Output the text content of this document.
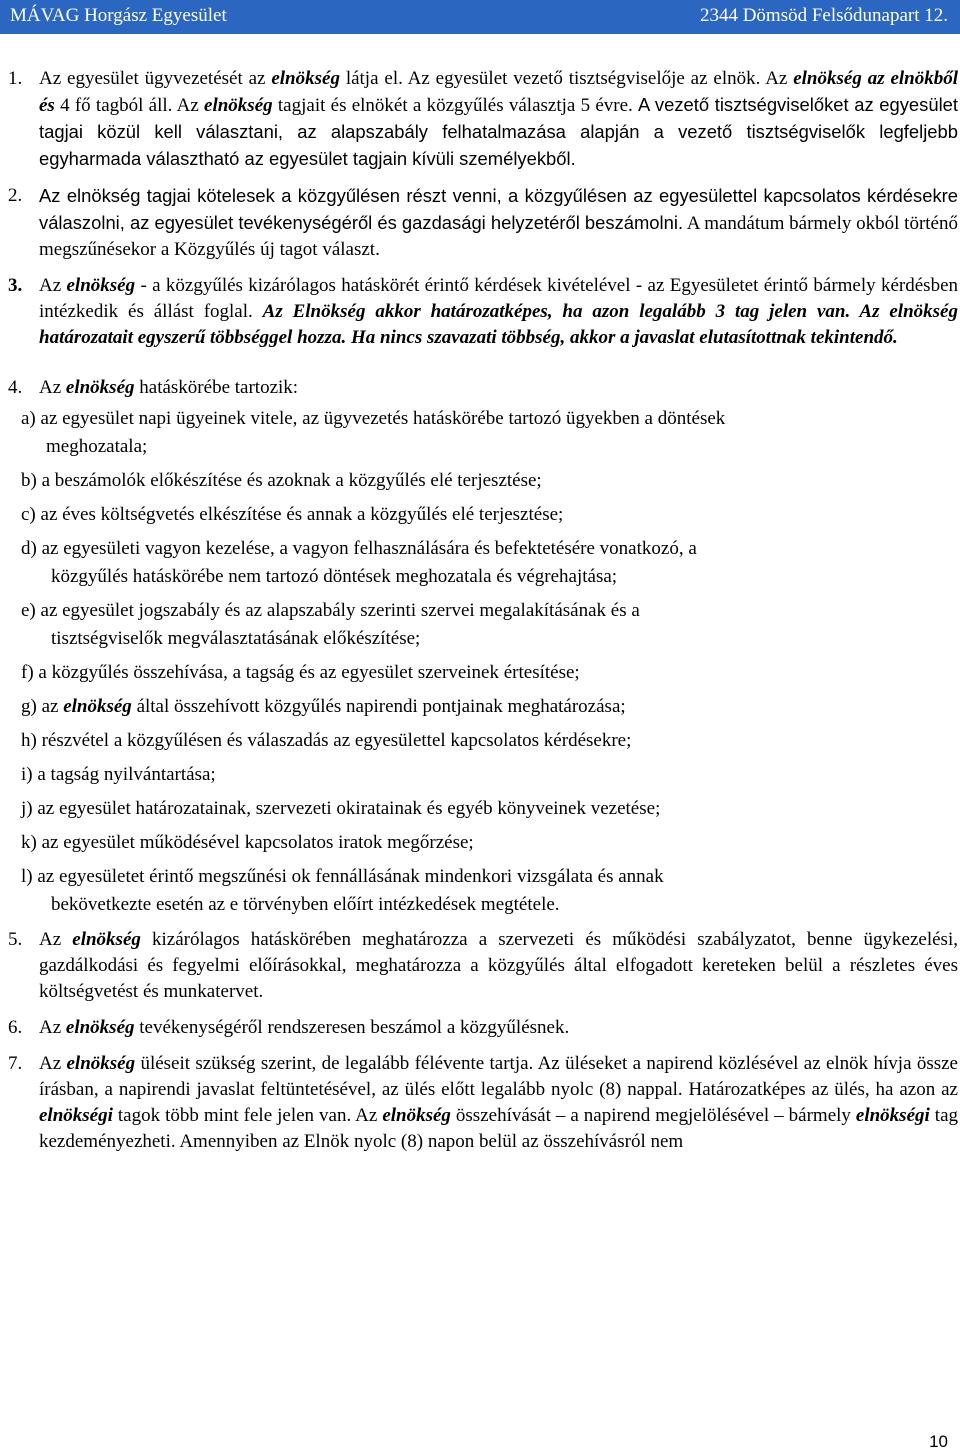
MÁVAG Horgász Egyesület	2344 Dömsöd Felsődunapart 12.
1. Az egyesület ügyvezetését az elnökség látja el. Az egyesület vezető tisztségviselője az elnök. Az elnökség az elnökből és 4 fő tagból áll. Az elnökség tagjait és elnökét a közgyűlés választja 5 évre. A vezető tisztségviselőket az egyesület tagjai közül kell választani, az alapszabály felhatalmazása alapján a vezető tisztségviselők legfeljebb egyharmada választható az egyesület tagjain kívüli személyekből.
2. Az elnökség tagjai kötelesek a közgyűlésen részt venni, a közgyűlésen az egyesülettel kapcsolatos kérdésekre válaszolni, az egyesület tevékenységéről és gazdasági helyzetéről beszámolni. A mandátum bármely okból történő megszűnésekor a Közgyűlés új tagot választ.
3. Az elnökség - a közgyűlés kizárólagos hatáskörét érintő kérdések kivételével - az Egyesületet érintő bármely kérdésben intézkedik és állást foglal. Az Elnökség akkor határozatképes, ha azon legalább 3 tag jelen van. Az elnökség határozatait egyszerű többséggel hozza. Ha nincs szavazati többség, akkor a javaslat elutasítottnak tekintendő.
4. Az elnökség hatáskörébe tartozik:
a) az egyesület napi ügyeinek vitele, az ügyvezetés hatáskörébe tartozó ügyekben a döntések
meghozatala;
b) a beszámolók előkészítése és azoknak a közgyűlés elé terjesztése;
c) az éves költségvetés elkészítése és annak a közgyűlés elé terjesztése;
d) az egyesületi vagyon kezelése, a vagyon felhasználására és befektetésére vonatkozó, a
közgyűlés hatáskörébe nem tartozó döntések meghozatala és végrehajtása;
e) az egyesület jogszabály és az alapszabály szerinti szervei megalakításának és a
tisztségviselők megválasztatásának előkészítése;
f) a közgyűlés összehívása, a tagság és az egyesület szerveinek értesítése;
g) az elnökség által összehívott közgyűlés napirendi pontjainak meghatározása;
h) részvétel a közgyűlésen és válaszadás az egyesülettel kapcsolatos kérdésekre;
i) a tagság nyilvántartása;
j) az egyesület határozatainak, szervezeti okiratainak és egyéb könyveinek vezetése;
k) az egyesület működésével kapcsolatos iratok megőrzése;
l) az egyesületet érintő megszűnési ok fennállásának mindenkori vizsgálata és annak
bekövetkezte esetén az e törvényben előírt intézkedések megtétele.
5. Az elnökség kizárólagos hatáskörében meghatározza a szervezeti és működési szabályzatot, benne ügykezelési, gazdálkodási és fegyelmi előírásokkal, meghatározza a közgyűlés által elfogadott kereteken belül a részletes éves költségvetést és munkatervet.
6. Az elnökség tevékenységéről rendszeresen beszámol a közgyűlésnek.
7. Az elnökség üléseit szükség szerint, de legalább félévente tartja. Az üléseket a napirend közlésével az elnök hívja össze írásban, a napirendi javaslat feltüntetésével, az ülés előtt legalább nyolc (8) nappal. Határozatképes az ülés, ha azon az elnökségi tagok több mint fele jelen van. Az elnökség összehívását – a napirend megjelölésével – bármely elnökségi tag kezdeményezheti. Amennyiben az Elnök nyolc (8) napon belül az összehívásról nem
10
